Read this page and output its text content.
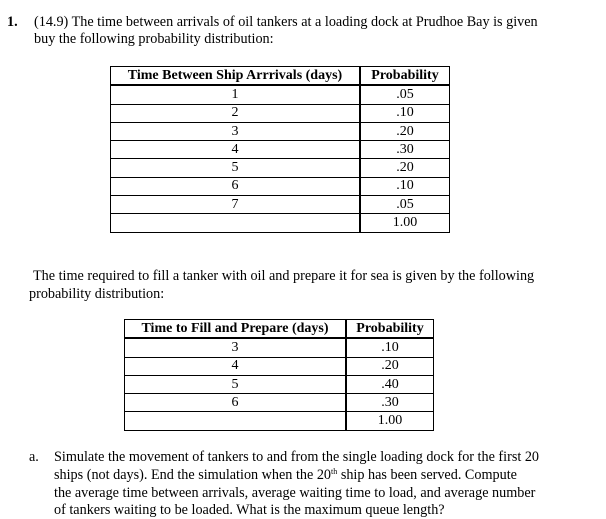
1. (14.9) The time between arrivals of oil tankers at a loading dock at Prudhoe Bay is given
buy the following probability distribution:
Time Between Ship Arrrivals (days)	Probability
1	.05
2	.10
3	.20
4	.30
5	.20
6	.10
7	.05
	1.00
The time required to fill a tanker with oil and prepare it for sea is given by the following
probability distribution:
Time to Fill and Prepare (days)	Probability
3	.10
4	.20
5	.40
6	.30
	1.00
a. Simulate the movement of tankers to and from the single loading dock for the first 20
ships (not days). End the simulation when the 20th ship has been served. Compute
the average time between arrivals, average waiting time to load, and average number
of tankers waiting to be loaded. What is the maximum queue length?
